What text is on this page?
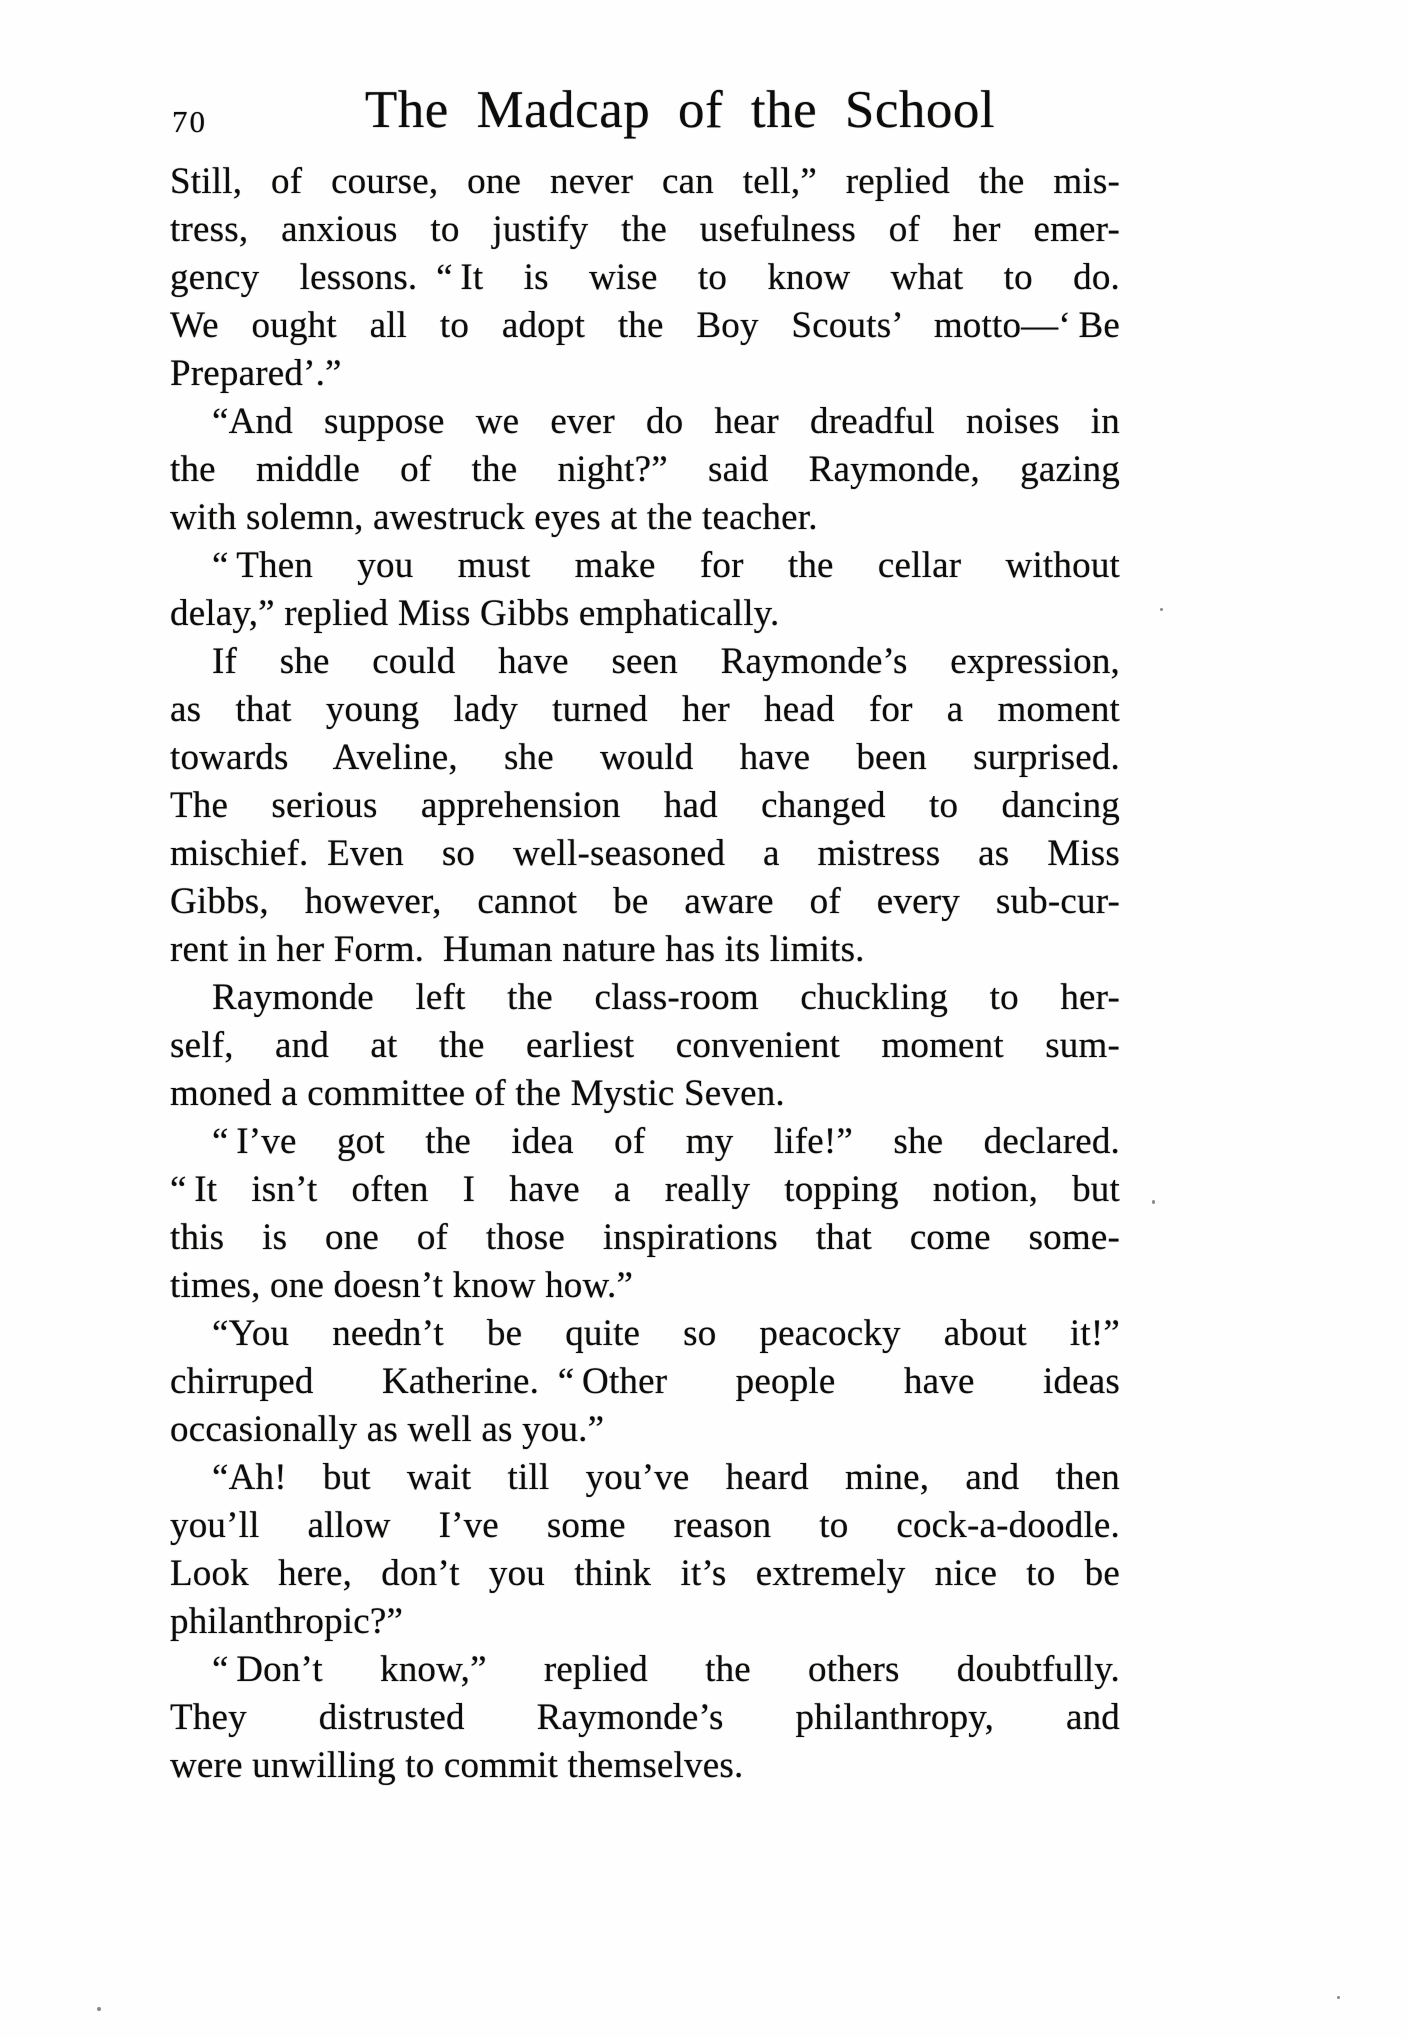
70	The Madcap of the School
Still, of course, one never can tell,” replied the mis-
tress, anxious to justify the usefulness of her emer-
gency lessons. “ It is wise to know what to do.
We ought all to adopt the Boy Scouts’ motto—‘ Be
Prepared’.”
“And suppose we ever do hear dreadful noises in
the middle of the night?” said Raymonde, gazing
with solemn, awestruck eyes at the teacher.
“ Then you must make for the cellar without
delay,” replied Miss Gibbs emphatically.
If she could have seen Raymonde’s expression,
as that young lady turned her head for a moment
towards Aveline, she would have been surprised.
The serious apprehension had changed to dancing
mischief. Even so well-seasoned a mistress as Miss
Gibbs, however, cannot be aware of every sub-cur-
rent in her Form. Human nature has its limits.
Raymonde left the class-room chuckling to her-
self, and at the earliest convenient moment sum-
moned a committee of the Mystic Seven.
“ I’ve got the idea of my life!” she declared.
“ It isn’t often I have a really topping notion, but
this is one of those inspirations that come some-
times, one doesn’t know how.”
“You needn’t be quite so peacocky about it!”
chirruped Katherine. “ Other people have ideas
occasionally as well as you.”
“Ah! but wait till you’ve heard mine, and then
you’ll allow I’ve some reason to cock-a-doodle.
Look here, don’t you think it’s extremely nice to be
philanthropic?”
“ Don’t know,” replied the others doubtfully.
They distrusted Raymonde’s philanthropy, and
were unwilling to commit themselves.
